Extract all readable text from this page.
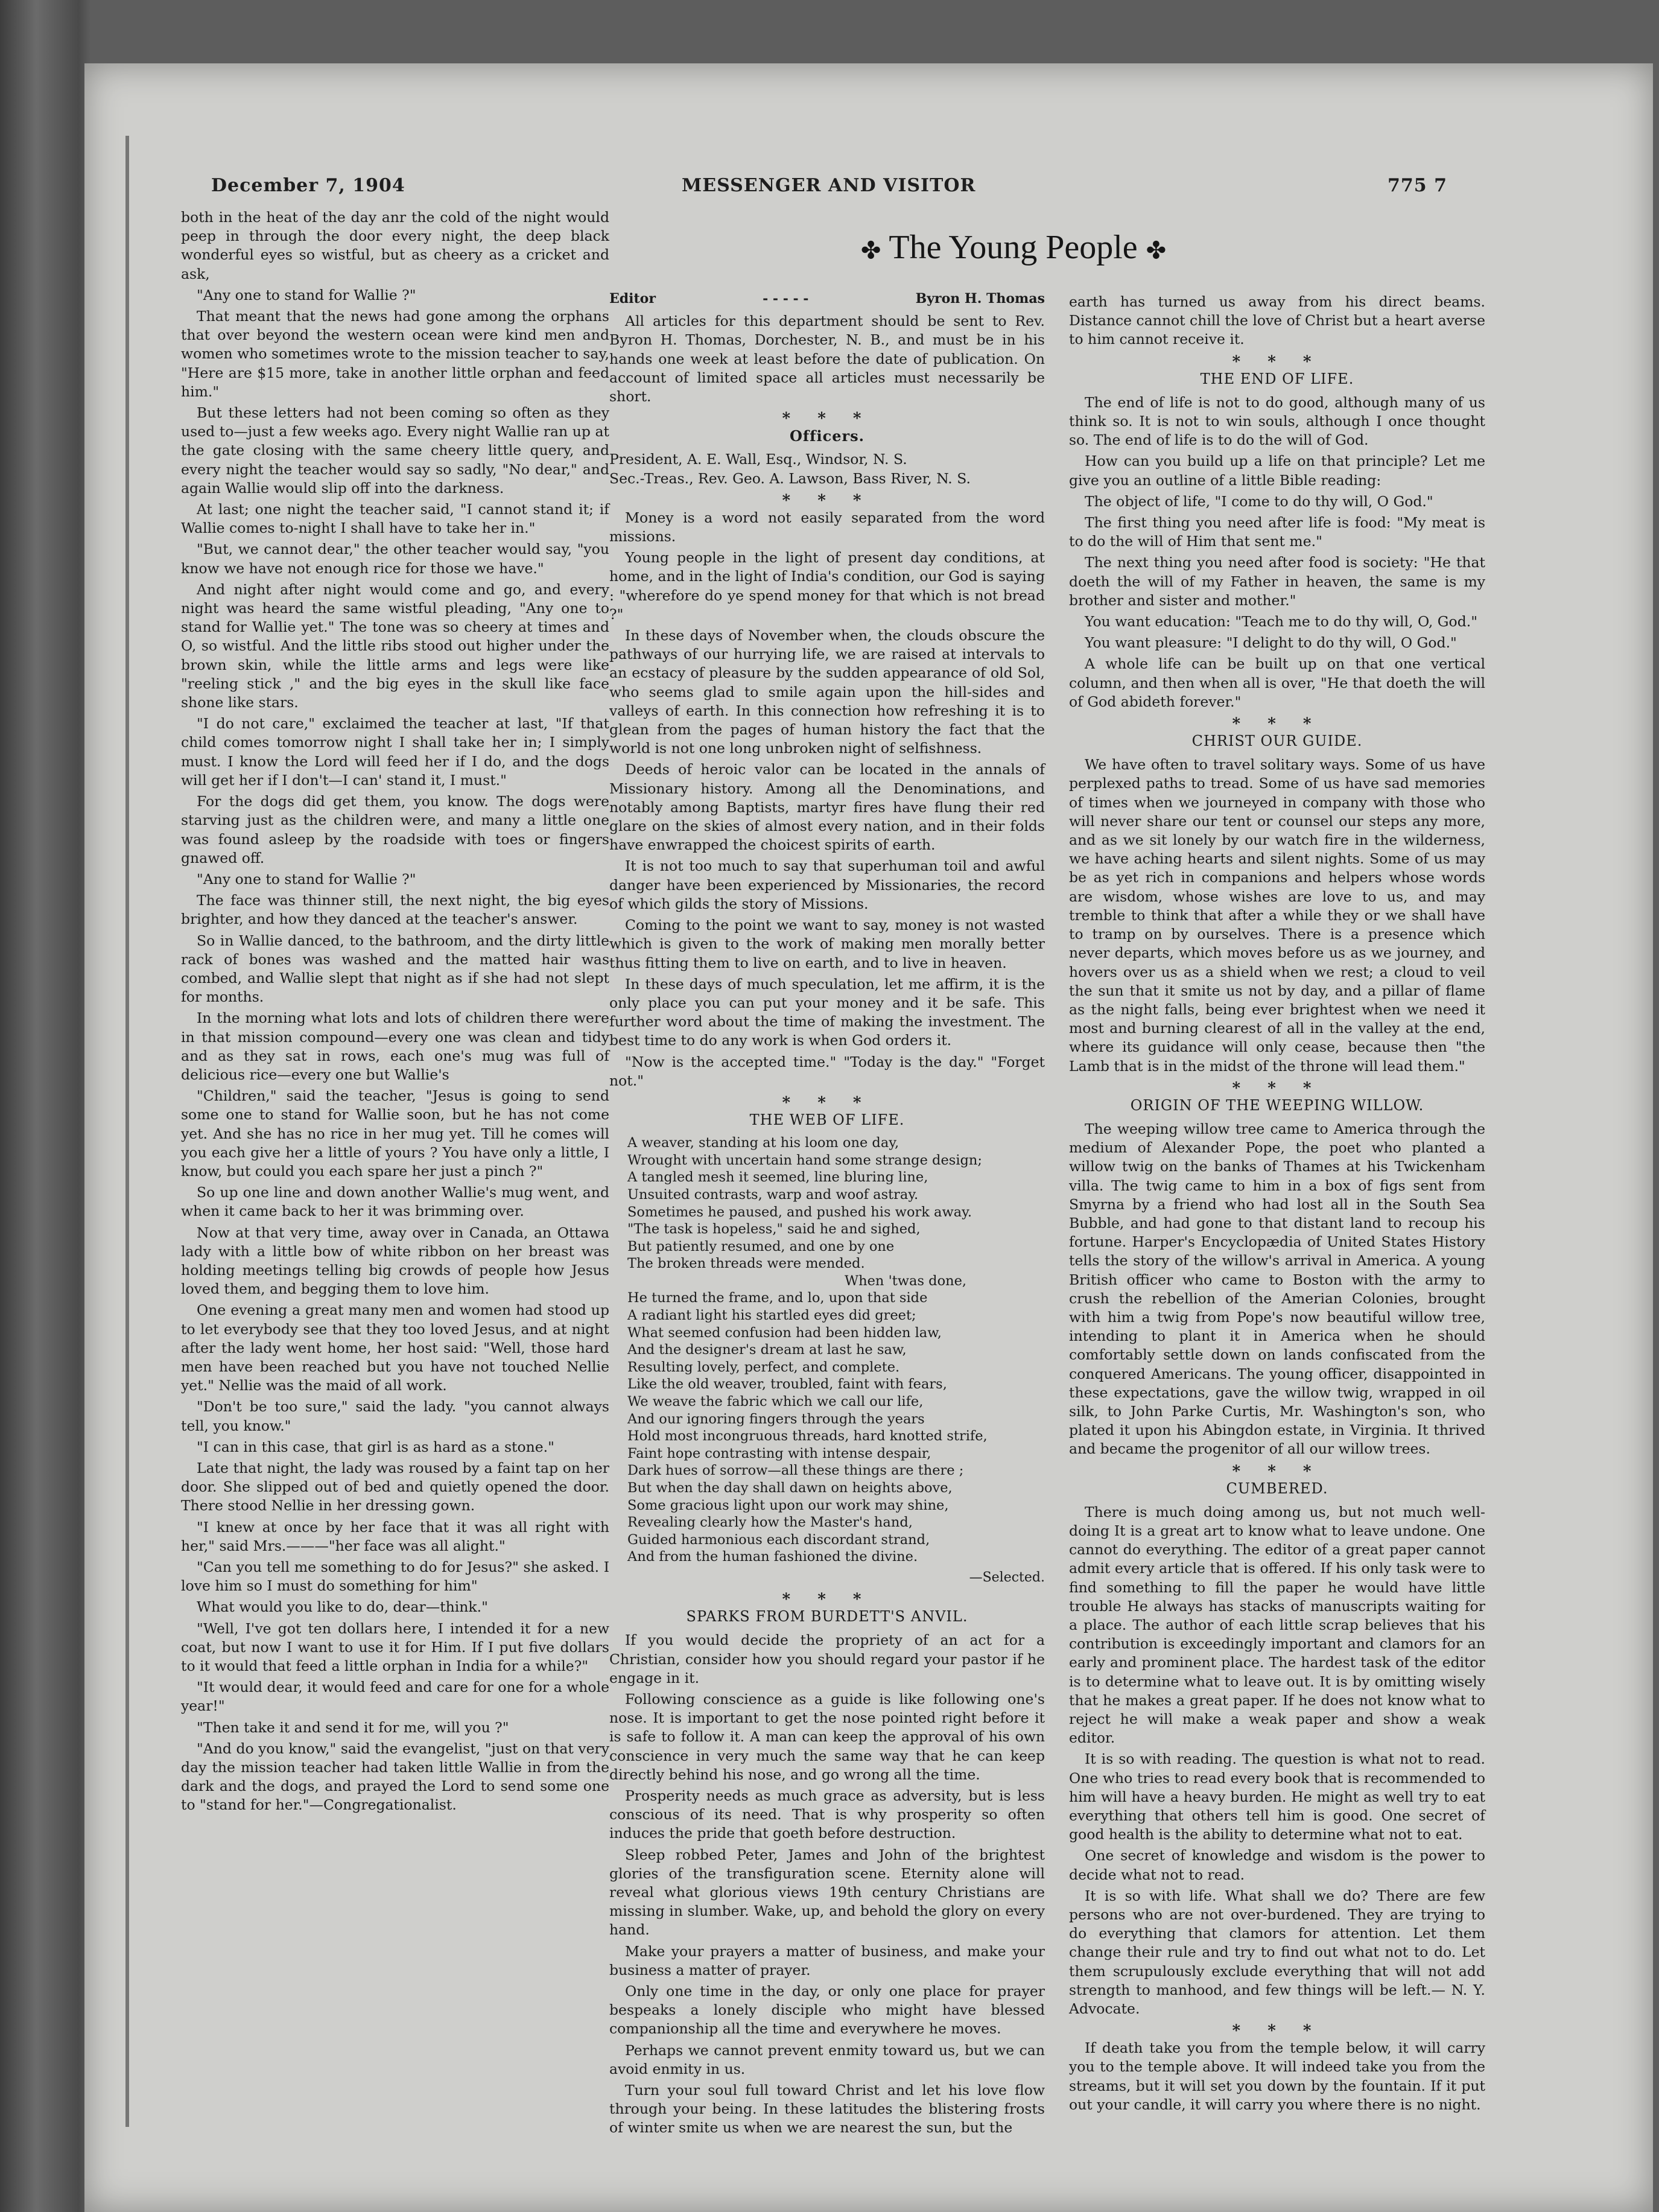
December 7, 1904	MESSENGER AND VISITOR	775 7

both in the heat of the day anr the cold of the night would peep in through the door every night, the deep black wonderful eyes so wistful, but as cheery as a cricket and ask,

"Any one to stand for Wallie ?"

That meant that the news had gone among the orphans that over beyond the western ocean were kind men and women who sometimes wrote to the mission teacher to say, "Here are $15 more, take in another little orphan and feed him."

But these letters had not been coming so often as they used to—just a few weeks ago. Every night Wallie ran up at the gate closing with the same cheery little query, and every night the teacher would say so sadly, "No dear," and again Wallie would slip off into the darkness.

At last; one night the teacher said, "I cannot stand it; if Wallie comes to-night I shall have to take her in."

"But, we cannot dear," the other teacher would say, "you know we have not enough rice for those we have."

And night after night would come and go, and every night was heard the same wistful pleading, "Any one to stand for Wallie yet." The tone was so cheery at times and O, so wistful. And the little ribs stood out higher under the brown skin, while the little arms and legs were like "reeling stick ," and the big eyes in the skull like face shone like stars.

"I do not care," exclaimed the teacher at last, "If that child comes tomorrow night I shall take her in; I simply must. I know the Lord will feed her if I do, and the dogs will get her if I don't—I can' stand it, I must."

For the dogs did get them, you know. The dogs were starving just as the children were, and many a little one was found asleep by the roadside with toes or fingers gnawed off.

"Any one to stand for Wallie ?"

The face was thinner still, the next night, the big eyes brighter, and how they danced at the teacher's answer.

So in Wallie danced, to the bathroom, and the dirty little rack of bones was washed and the matted hair was combed, and Wallie slept that night as if she had not slept for months.

In the morning what lots and lots of children there were in that mission compound—every one was clean and tidy and as they sat in rows, each one's mug was full of delicious rice—every one but Wallie's

"Children," said the teacher, "Jesus is going to send some one to stand for Wallie soon, but he has not come yet. And she has no rice in her mug yet. Till he comes will you each give her a little of yours ? You have only a little, I know, but could you each spare her just a pinch ?"

So up one line and down another Wallie's mug went, and when it came back to her it was brimming over.

Now at that very time, away over in Canada, an Ottawa lady with a little bow of white ribbon on her breast was holding meetings telling big crowds of people how Jesus loved them, and begging them to love him.

One evening a great many men and women had stood up to let everybody see that they too loved Jesus, and at night after the lady went home, her host said: "Well, those hard men have been reached but you have not touched Nellie yet." Nellie was the maid of all work.

"Don't be too sure," said the lady. "you cannot always tell, you know."

"I can in this case, that girl is as hard as a stone."

Late that night, the lady was roused by a faint tap on her door. She slipped out of bed and quietly opened the door. There stood Nellie in her dressing gown.

"I knew at once by her face that it was all right with her," said Mrs.———"her face was all alight."

"Can you tell me something to do for Jesus?" she asked. I love him so I must do something for him"

What would you like to do, dear—think."

"Well, I've got ten dollars here, I intended it for a new coat, but now I want to use it for Him. If I put five dollars to it would that feed a little orphan in India for a while?"

"It would dear, it would feed and care for one for a whole year!"

"Then take it and send it for me, will you ?"

"And do you know," said the evangelist, "just on that very day the mission teacher had taken little Wallie in from the dark and the dogs, and prayed the Lord to send some one to "stand for her."—Congregationalist.

✤ The Young People ✤
Editor	- - - - -	Byron H. Thomas

All articles for this department should be sent to Rev. Byron H. Thomas, Dorchester, N. B., and must be in his hands one week at least before the date of publication. On account of limited space all articles must necessarily be short.

* * *
Officers.
President, A. E. Wall, Esq., Windsor, N. S.
Sec.-Treas., Rev. Geo. A. Lawson, Bass River, N. S.
* * *

Money is a word not easily separated from the word missions.

Young people in the light of present day conditions, at home, and in the light of India's condition, our God is saying : "wherefore do ye spend money for that which is not bread ?"

In these days of November when, the clouds obscure the pathways of our hurrying life, we are raised at intervals to an ecstacy of pleasure by the sudden appearance of old Sol, who seems glad to smile again upon the hill-sides and valleys of earth. In this connection how refreshing it is to glean from the pages of human history the fact that the world is not one long unbroken night of selfishness.

Deeds of heroic valor can be located in the annals of Missionary history. Among all the Denominations, and notably among Baptists, martyr fires have flung their red glare on the skies of almost every nation, and in their folds have enwrapped the choicest spirits of earth.

It is not too much to say that superhuman toil and awful danger have been experienced by Missionaries, the record of which gilds the story of Missions.

Coming to the point we want to say, money is not wasted which is given to the work of making men morally better thus fitting them to live on earth, and to live in heaven.

In these days of much speculation, let me affirm, it is the only place you can put your money and it be safe. This further word about the time of making the investment. The best time to do any work is when God orders it.

"Now is the accepted time." "Today is the day." "Forget not."

* * *
THE WEB OF LIFE.
A weaver, standing at his loom one day,
Wrought with uncertain hand some strange design;
A tangled mesh it seemed, line bluring line,
Unsuited contrasts, warp and woof astray.
Sometimes he paused, and pushed his work away.
"The task is hopeless," said he and sighed,
But patiently resumed, and one by one
The broken threads were mended.
When 'twas done,
He turned the frame, and lo, upon that side
A radiant light his startled eyes did greet;
What seemed confusion had been hidden law,
And the designer's dream at last he saw,
Resulting lovely, perfect, and complete.
Like the old weaver, troubled, faint with fears,
We weave the fabric which we call our life,
And our ignoring fingers through the years
Hold most incongruous threads, hard knotted strife,
Faint hope contrasting with intense despair,
Dark hues of sorrow—all these things are there ;
But when the day shall dawn on heights above,
Some gracious light upon our work may shine,
Revealing clearly how the Master's hand,
Guided harmonious each discordant strand,
And from the human fashioned the divine.
—Selected.
* * *
SPARKS FROM BURDETT'S ANVIL.

If you would decide the propriety of an act for a Christian, consider how you should regard your pastor if he engage in it.

Following conscience as a guide is like following one's nose. It is important to get the nose pointed right before it is safe to follow it. A man can keep the approval of his own conscience in very much the same way that he can keep directly behind his nose, and go wrong all the time.

Prosperity needs as much grace as adversity, but is less conscious of its need. That is why prosperity so often induces the pride that goeth before destruction.

Sleep robbed Peter, James and John of the brightest glories of the transfiguration scene. Eternity alone will reveal what glorious views 19th century Christians are missing in slumber. Wake, up, and behold the glory on every hand.

Make your prayers a matter of business, and make your business a matter of prayer.

Only one time in the day, or only one place for prayer bespeaks a lonely disciple who might have blessed companionship all the time and everywhere he moves.

Perhaps we cannot prevent enmity toward us, but we can avoid enmity in us.

Turn your soul full toward Christ and let his love flow through your being. In these latitudes the blistering frosts of winter smite us when we are nearest the sun, but the

earth has turned us away from his direct beams. Distance cannot chill the love of Christ but a heart averse to him cannot receive it.

* * *
THE END OF LIFE.

The end of life is not to do good, although many of us think so. It is not to win souls, although I once thought so. The end of life is to do the will of God.

How can you build up a life on that principle? Let me give you an outline of a little Bible reading:

The object of life, "I come to do thy will, O God."

The first thing you need after life is food: "My meat is to do the will of Him that sent me."

The next thing you need after food is society: "He that doeth the will of my Father in heaven, the same is my brother and sister and mother."

You want education: "Teach me to do thy will, O, God."

You want pleasure: "I delight to do thy will, O God."

A whole life can be built up on that one vertical column, and then when all is over, "He that doeth the will of God abideth forever."

* * *
CHRIST OUR GUIDE.

We have often to travel solitary ways. Some of us have perplexed paths to tread. Some of us have sad memories of times when we journeyed in company with those who will never share our tent or counsel our steps any more, and as we sit lonely by our watch fire in the wilderness, we have aching hearts and silent nights. Some of us may be as yet rich in companions and helpers whose words are wisdom, whose wishes are love to us, and may tremble to think that after a while they or we shall have to tramp on by ourselves. There is a presence which never departs, which moves before us as we journey, and hovers over us as a shield when we rest; a cloud to veil the sun that it smite us not by day, and a pillar of flame as the night falls, being ever brightest when we need it most and burning clearest of all in the valley at the end, where its guidance will only cease, because then "the Lamb that is in the midst of the throne will lead them."

* * *
ORIGIN OF THE WEEPING WILLOW.

The weeping willow tree came to America through the medium of Alexander Pope, the poet who planted a willow twig on the banks of Thames at his Twickenham villa. The twig came to him in a box of figs sent from Smyrna by a friend who had lost all in the South Sea Bubble, and had gone to that distant land to recoup his fortune. Harper's Encyclopædia of United States History tells the story of the willow's arrival in America. A young British officer who came to Boston with the army to crush the rebellion of the Amerian Colonies, brought with him a twig from Pope's now beautiful willow tree, intending to plant it in America when he should comfortably settle down on lands confiscated from the conquered Americans. The young officer, disappointed in these expectations, gave the willow twig, wrapped in oil silk, to John Parke Curtis, Mr. Washington's son, who plated it upon his Abingdon estate, in Virginia. It thrived and became the progenitor of all our willow trees.

* * *
CUMBERED.

There is much doing among us, but not much well-doing It is a great art to know what to leave undone. One cannot do everything. The editor of a great paper cannot admit every article that is offered. If his only task were to find something to fill the paper he would have little trouble He always has stacks of manuscripts waiting for a place. The author of each little scrap believes that his contribution is exceedingly important and clamors for an early and prominent place. The hardest task of the editor is to determine what to leave out. It is by omitting wisely that he makes a great paper. If he does not know what to reject he will make a weak paper and show a weak editor.

It is so with reading. The question is what not to read. One who tries to read every book that is recommended to him will have a heavy burden. He might as well try to eat everything that others tell him is good. One secret of good health is the ability to determine what not to eat.

One secret of knowledge and wisdom is the power to decide what not to read.

It is so with life. What shall we do? There are few persons who are not over-burdened. They are trying to do everything that clamors for attention. Let them change their rule and try to find out what not to do. Let them scrupulously exclude everything that will not add strength to manhood, and few things will be left.— N. Y. Advocate.

* * *

If death take you from the temple below, it will carry you to the temple above. It will indeed take you from the streams, but it will set you down by the fountain. If it put out your candle, it will carry you where there is no night.
